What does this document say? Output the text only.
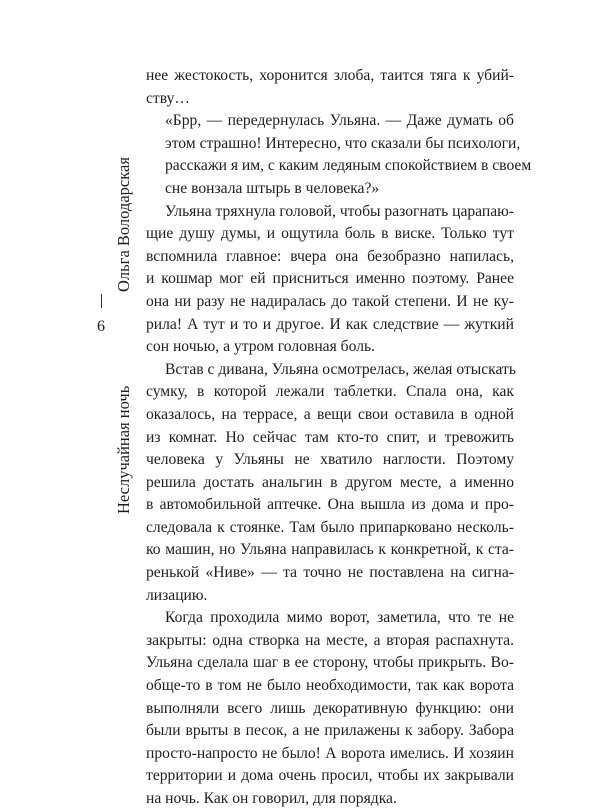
Ольга Володарская
6
Неслучайная ночь

нее жестокость, хоронится злоба, таится тяга к убий-
ству…

«Брр, — передернулась Ульяна. — Даже думать об
этом страшно! Интересно, что сказали бы психологи,
расскажи я им, с каким ледяным спокойствием в своем
сне вонзала штырь в человека?»

Ульяна тряхнула головой, чтобы разогнать царапаю-
щие душу думы, и ощутила боль в виске. Только тут
вспомнила главное: вчера она безобразно напилась,
и кошмар мог ей присниться именно поэтому. Ранее
она ни разу не надиралась до такой степени. И не ку-
рила! А тут и то и другое. И как следствие — жуткий
сон ночью, а утром головная боль.

Встав с дивана, Ульяна осмотрелась, желая отыскать
сумку, в которой лежали таблетки. Спала она, как
оказалось, на террасе, а вещи свои оставила в одной
из комнат. Но сейчас там кто-то спит, и тревожить
человека у Ульяны не хватило наглости. Поэтому
решила достать анальгин в другом месте, а именно
в автомобильной аптечке. Она вышла из дома и про-
следовала к стоянке. Там было припарковано несколь-
ко машин, но Ульяна направилась к конкретной, к ста-
ренькой «Ниве» — та точно не поставлена на сигна-
лизацию.

Когда проходила мимо ворот, заметила, что те не
закрыты: одна створка на месте, а вторая распахнута.
Ульяна сделала шаг в ее сторону, чтобы прикрыть. Во-
обще-то в том не было необходимости, так как ворота
выполняли всего лишь декоративную функцию: они
были врыты в песок, а не прилажены к забору. Забора
просто-напросто не было! А ворота имелись. И хозяин
территории и дома очень просил, чтобы их закрывали
на ночь. Как он говорил, для порядка.
